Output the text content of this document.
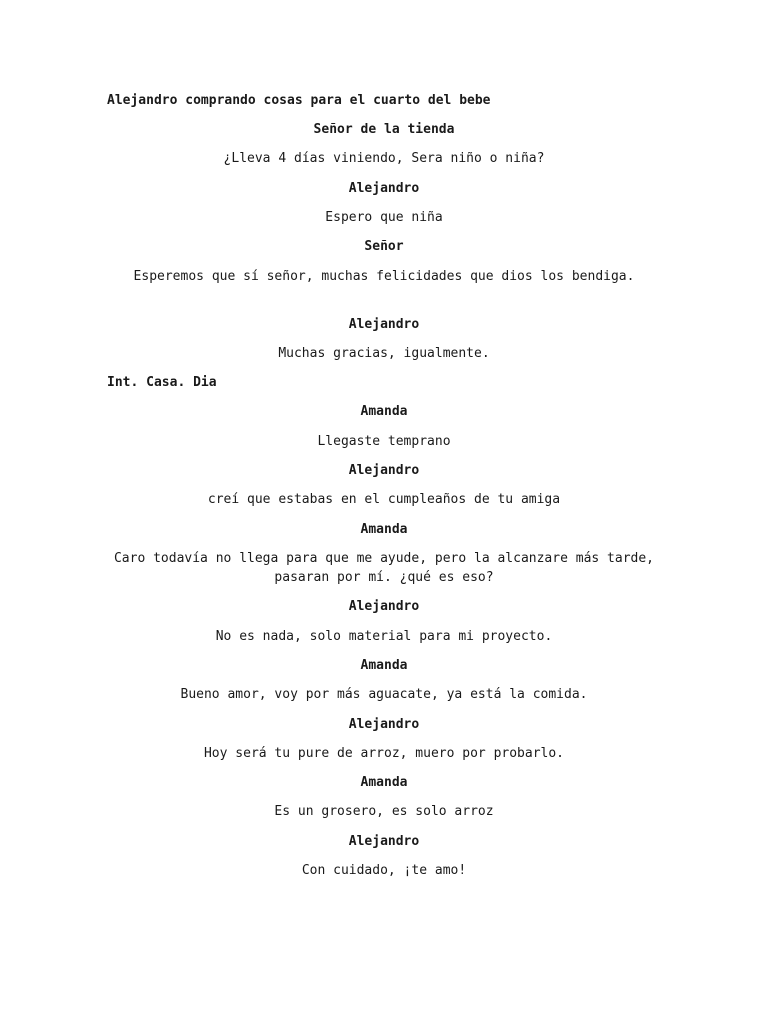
Alejandro comprando cosas para el cuarto del bebe
Señor de la tienda
¿Lleva 4 días viniendo, Sera niño o niña?
Alejandro
Espero que niña
Señor
Esperemos que sí señor, muchas felicidades que dios los bendiga.
Alejandro
Muchas gracias, igualmente.
Int. Casa. Dia
Amanda
Llegaste temprano
Alejandro
creí que estabas en el cumpleaños de tu amiga
Amanda
Caro todavía no llega para que me ayude, pero la alcanzare más tarde, pasaran por mí. ¿qué es eso?
Alejandro
No es nada, solo material para mi proyecto.
Amanda
Bueno amor, voy por más aguacate, ya está la comida.
Alejandro
Hoy será tu pure de arroz, muero por probarlo.
Amanda
Es un grosero, es solo arroz
Alejandro
Con cuidado, ¡te amo!
